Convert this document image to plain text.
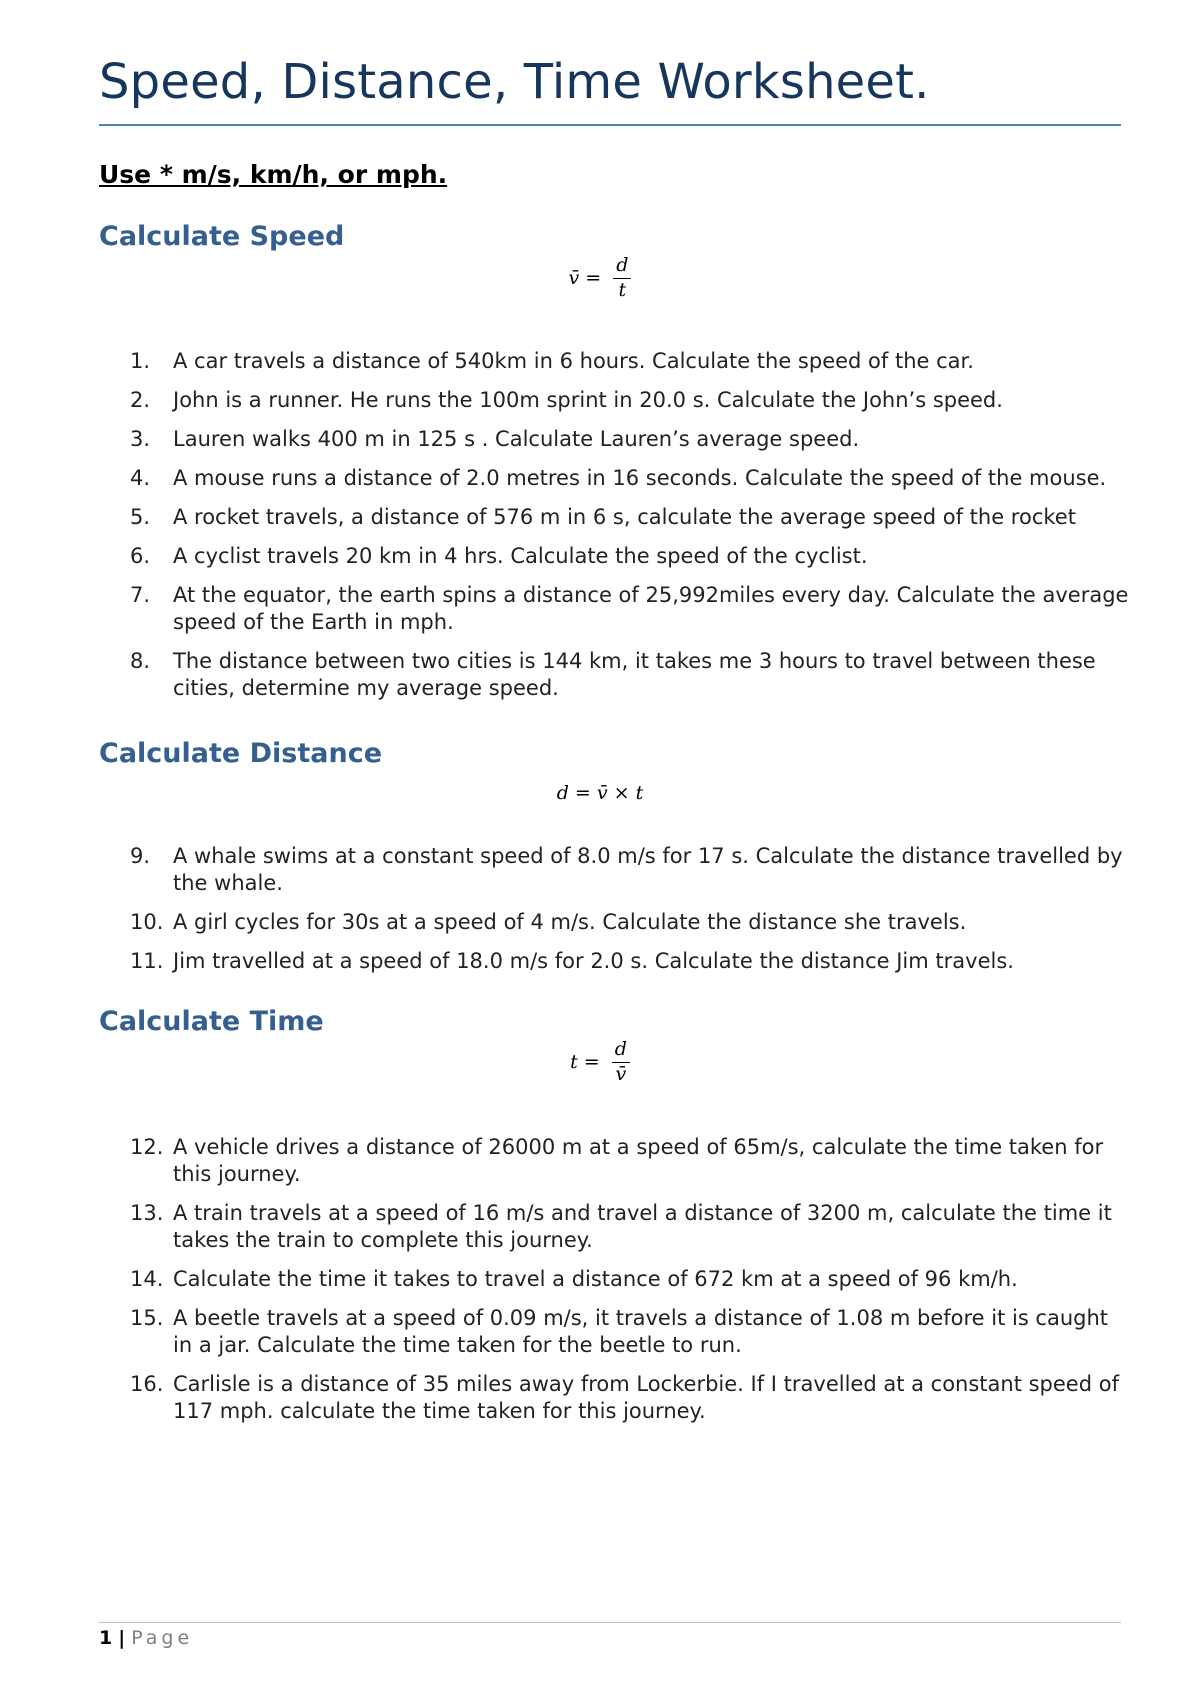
Speed, Distance, Time Worksheet.
Use * m/s, km/h, or mph.
Calculate Speed
v̄ = $\frac{d}{t}$
1.	A car travels a distance of 540km in 6 hours. Calculate the speed of the car.
2.	John is a runner. He runs the 100m sprint in 20.0 s. Calculate the John’s speed.
3.	Lauren walks 400 m in 125 s . Calculate Lauren’s average speed.
4.	A mouse runs a distance of 2.0 metres in 16 seconds. Calculate the speed of the mouse.
5.	A rocket travels, a distance of 576 m in 6 s, calculate the average speed of the rocket
6.	A cyclist travels 20 km in 4 hrs. Calculate the speed of the cyclist.
7.	At the equator, the earth spins a distance of 25,992miles every day. Calculate the average speed of the Earth in mph.
8.	The distance between two cities is 144 km, it takes me 3 hours to travel between these cities, determine my average speed.
Calculate Distance
d = v̄ × t
9.	A whale swims at a constant speed of 8.0 m/s for 17 s. Calculate the distance travelled by the whale.
10. A girl cycles for 30s at a speed of 4 m/s. Calculate the distance she travels.
11. Jim travelled at a speed of 18.0 m/s for 2.0 s. Calculate the distance Jim travels.
Calculate Time
$t = \frac{d}{v̄}$
12. A vehicle drives a distance of 26000 m at a speed of 65m/s, calculate the time taken for this journey.
13. A train travels at a speed of 16 m/s and travel a distance of 3200 m, calculate the time it takes the train to complete this journey.
14. Calculate the time it takes to travel a distance of 672 km at a speed of 96 km/h.
15. A beetle travels at a speed of 0.09 m/s, it travels a distance of 1.08 m before it is caught in a jar. Calculate the time taken for the beetle to run.
16. Carlisle is a distance of 35 miles away from Lockerbie. If I travelled at a constant speed of 117 mph. calculate the time taken for this journey.
1 | Page
